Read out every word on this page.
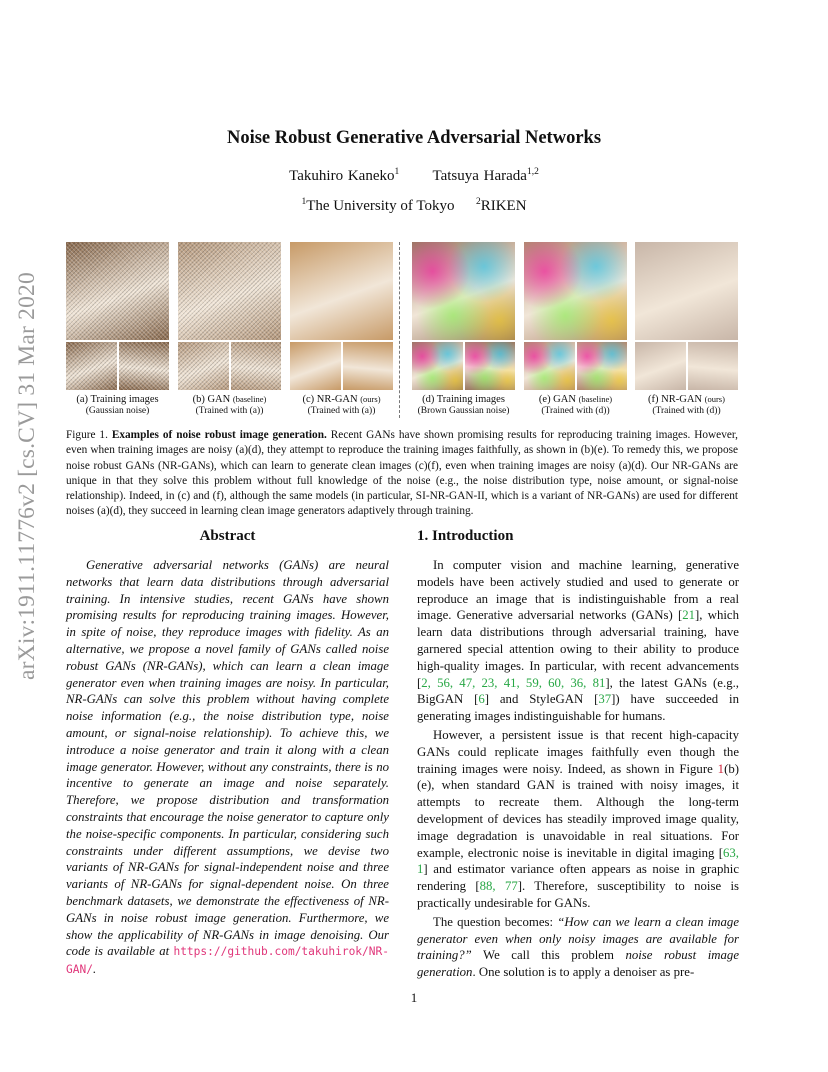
arXiv:1911.11776v2 [cs.CV] 31 Mar 2020
Noise Robust Generative Adversarial Networks
Takuhiro Kaneko$^1$ Tatsuya Harada$^{1,2}$
$^1$The University of Tokyo $^2$RIKEN
(a) Training images
(Gaussian noise)
(b) GAN (baseline)
(Trained with (a))
(c) NR-GAN (ours)
(Trained with (a))
(d) Training images
(Brown Gaussian noise)
(e) GAN (baseline)
(Trained with (d))
(f) NR-GAN (ours)
(Trained with (d))
Figure 1. Examples of noise robust image generation. Recent GANs have shown promising results for reproducing training images. However, even when training images are noisy (a)(d), they attempt to reproduce the training images faithfully, as shown in (b)(e). To remedy this, we propose noise robust GANs (NR-GANs), which can learn to generate clean images (c)(f), even when training images are noisy (a)(d). Our NR-GANs are unique in that they solve this problem without full knowledge of the noise (e.g., the noise distribution type, noise amount, or signal-noise relationship). Indeed, in (c) and (f), although the same models (in particular, SI-NR-GAN-II, which is a variant of NR-GANs) are used for different noises (a)(d), they succeed in learning clean image generators adaptively through training.
Abstract

Generative adversarial networks (GANs) are neural networks that learn data distributions through adversarial training. In intensive studies, recent GANs have shown promising results for reproducing training images. However, in spite of noise, they reproduce images with fidelity. As an alternative, we propose a novel family of GANs called noise robust GANs (NR-GANs), which can learn a clean image generator even when training images are noisy. In particular, NR-GANs can solve this problem without having complete noise information (e.g., the noise distribution type, noise amount, or signal-noise relationship). To achieve this, we introduce a noise generator and train it along with a clean image generator. However, without any constraints, there is no incentive to generate an image and noise separately. Therefore, we propose distribution and transformation constraints that encourage the noise generator to capture only the noise-specific components. In particular, considering such constraints under different assumptions, we devise two variants of NR-GANs for signal-independent noise and three variants of NR-GANs for signal-dependent noise. On three benchmark datasets, we demonstrate the effectiveness of NR-GANs in noise robust image generation. Furthermore, we show the applicability of NR-GANs in image denoising. Our code is available at https://github.com/takuhirok/NR-GAN/.

1. Introduction

In computer vision and machine learning, generative models have been actively studied and used to generate or reproduce an image that is indistinguishable from a real image. Generative adversarial networks (GANs) [21], which learn data distributions through adversarial training, have garnered special attention owing to their ability to produce high-quality images. In particular, with recent advancements [2, 56, 47, 23, 41, 59, 60, 36, 81], the latest GANs (e.g., BigGAN [6] and StyleGAN [37]) have succeeded in generating images indistinguishable for humans.

However, a persistent issue is that recent high-capacity GANs could replicate images faithfully even though the training images were noisy. Indeed, as shown in Figure 1(b)(e), when standard GAN is trained with noisy images, it attempts to recreate them. Although the long-term development of devices has steadily improved image quality, image degradation is unavoidable in real situations. For example, electronic noise is inevitable in digital imaging [63, 1] and estimator variance often appears as noise in graphic rendering [88, 77]. Therefore, susceptibility to noise is practically undesirable for GANs.

The question becomes: “How can we learn a clean image generator even when only noisy images are available for training?” We call this problem noise robust image generation. One solution is to apply a denoiser as pre-

1
